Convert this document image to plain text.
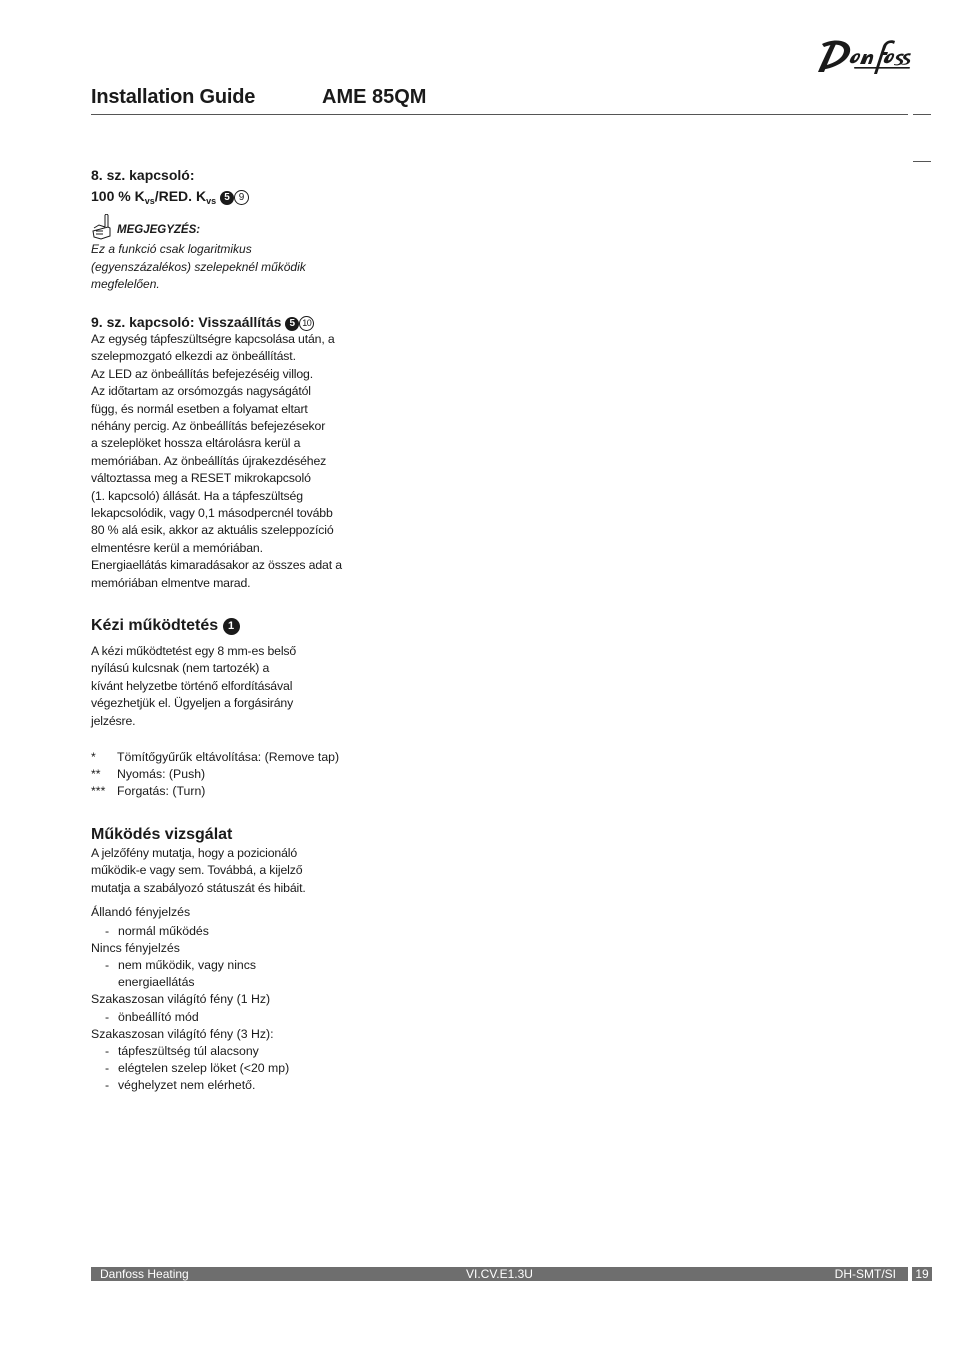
Installation Guide	AME 85QM
8. sz. kapcsoló:
100 % $K_{vs}$/RED. $K_{vs}$ 5 9
MEGJEGYZÉS:
Ez a funkció csak logaritmikus
(egyenszázalékos) szelepeknél működik
megfelelően.
9. sz. kapcsoló: Visszaállítás 5 10
Az egység tápfeszültségre kapcsolása után, a
szelepmozgató elkezdi az önbeállítást.
Az LED az önbeállítás befejezéséig villog.
Az időtartam az orsómozgás nagyságától
függ, és normál esetben a folyamat eltart
néhány percig. Az önbeállítás befejezésekor
a szeleplöket hossza eltárolásra kerül a
memóriában. Az önbeállítás újrakezdéséhez
változtassa meg a RESET mikrokapcsoló
(1. kapcsoló) állását. Ha a tápfeszültség
lekapcsolódik, vagy 0,1 másodpercnél tovább
80 % alá esik, akkor az aktuális szeleppozíció
elmentésre kerül a memóriában.
Energiaellátás kimaradásakor az összes adat a
memóriában elmentve marad.
Kézi működtetés 1
A kézi működtetést egy 8 mm-es belső
nyílású kulcsnak (nem tartozék) a
kívánt helyzetbe történő elfordításával
végezhetjük el. Ügyeljen a forgásirány
jelzésre.
*	Tömítőgyűrűk eltávolítása: (Remove tap)
**	Nyomás: (Push)
*** Forgatás: (Turn)
Működés vizsgálat
A jelzőfény mutatja, hogy a pozicionáló
működik-e vagy sem. Továbbá, a kijelző
mutatja a szabályozó státuszát és hibáit.
Állandó fényjelzés
- normál működés
Nincs fényjelzés
- nem működik, vagy nincs energiaellátás
Szakaszosan világító fény (1 Hz)
- önbeállító mód
Szakaszosan világító fény (3 Hz):
- tápfeszültség túl alacsony
- elégtelen szelep löket (<20 mp)
- véghelyzet nem elérhető.
Danfoss Heating	VI.CV.E1.3U	DH-SMT/SI 19
